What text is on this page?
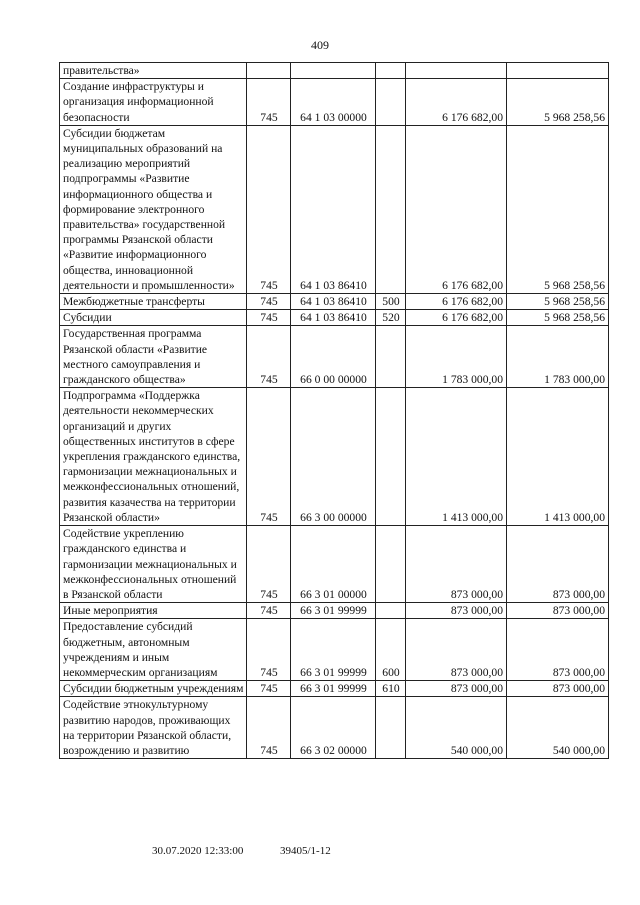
409
правительства»					
Создание инфраструктуры и организация информационной безопасности	745	64 1 03 00000		6 176 682,00	5 968 258,56
Субсидии бюджетам муниципальных образований на реализацию мероприятий подпрограммы «Развитие информационного общества и формирование электронного правительства» государственной программы Рязанской области «Развитие информационного общества, инновационной деятельности и промышленности»	745	64 1 03 86410		6 176 682,00	5 968 258,56
Межбюджетные трансферты	745	64 1 03 86410	500	6 176 682,00	5 968 258,56
Субсидии	745	64 1 03 86410	520	6 176 682,00	5 968 258,56
Государственная программа Рязанской области «Развитие местного самоуправления и гражданского общества»	745	66 0 00 00000		1 783 000,00	1 783 000,00
Подпрограмма «Поддержка деятельности некоммерческих организаций и других общественных институтов в сфере укрепления гражданского единства, гармонизации межнациональных и межконфессиональных отношений, развития казачества на территории Рязанской области»	745	66 3 00 00000		1 413 000,00	1 413 000,00
Содействие укреплению гражданского единства и гармонизации межнациональных и межконфессиональных отношений в Рязанской области	745	66 3 01 00000		873 000,00	873 000,00
Иные мероприятия	745	66 3 01 99999		873 000,00	873 000,00
Предоставление субсидий бюджетным, автономным учреждениям и иным некоммерческим организациям	745	66 3 01 99999	600	873 000,00	873 000,00
Субсидии бюджетным учреждениям	745	66 3 01 99999	610	873 000,00	873 000,00
Содействие этнокультурному развитию народов, проживающих на территории Рязанской области, возрождению и развитию	745	66 3 02 00000		540 000,00	540 000,00
30.07.2020 12:33:00	39405/1-12
